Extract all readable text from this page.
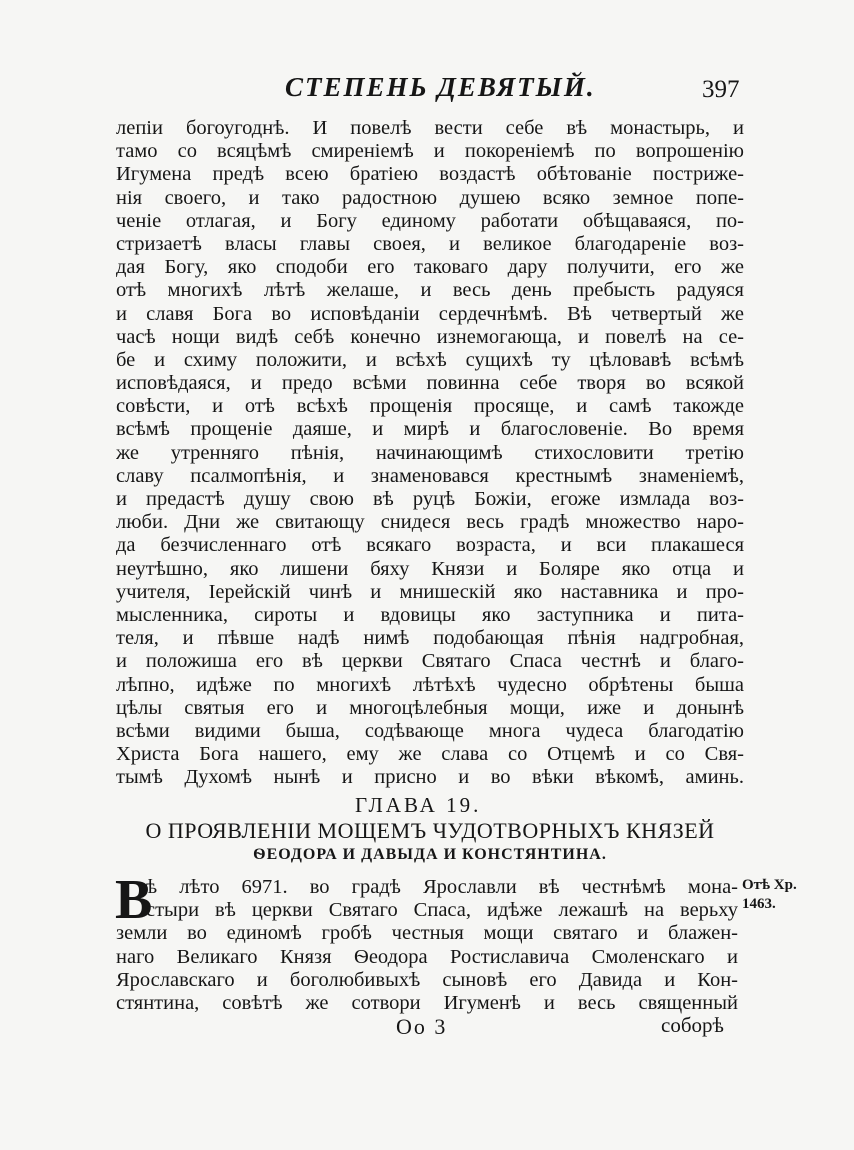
СТЕПЕНЬ ДЕВЯТЫЙ.	397
лепіи богоугоднѣ. И повелѣ вести себе вѣ монастырь, и
тамо со всяцѣмѣ смиреніемѣ и покореніемѣ по вопрошенію
Игумена предѣ всею братіею воздастѣ обѣтованіе постриже-
нія своего, и тако радостною душею всяко земное попе-
ченіе отлагая, и Богу единому работати обѣщаваяся, по-
стризаетѣ власы главы своея, и великое благодареніе воз-
дая Богу, яко сподоби его таковаго дару получити, его же
отѣ многихѣ лѣтѣ желаше, и весь день пребысть радуяся
и славя Бога во исповѣданіи сердечнѣмѣ. Вѣ четвертый же
часѣ нощи видѣ себѣ конечно изнемогающа, и повелѣ на се-
бе и схиму положити, и всѣхѣ сущихѣ ту цѣловавѣ всѣмѣ
исповѣдаяся, и предо всѣми повинна себе творя во всякой
совѣсти, и отѣ всѣхѣ прощенія просяще, и самѣ такожде
всѣмѣ прощеніе даяше, и мирѣ и благословеніе. Во время
же утренняго пѣнія, начинающимѣ стихословити третію
славу псалмопѣнія, и знаменовався крестнымѣ знаменіемѣ,
и предастѣ душу свою вѣ руцѣ Божіи, егоже измлада воз-
люби. Дни же свитающу снидеся весь градѣ множество наро-
да безчисленнаго отѣ всякаго возраста, и вси плакашеся
неутѣшно, яко лишени бяху Князи и Боляре яко отца и
учителя, Іерейскій чинѣ и мнишескій яко наставника и про-
мысленника, сироты и вдовицы яко заступника и пита-
теля, и пѣвше надѣ нимѣ подобающая пѣнія надгробная,
и положиша его вѣ церкви Святаго Спаса честнѣ и благо-
лѣпно, идѣже по многихѣ лѣтѣхѣ чудесно обрѣтены быша
цѣлы святыя его и многоцѣлебныя мощи, иже и донынѣ
всѣми видими быша, содѣвающе многа чудеса благодатію
Христа Бога нашего, ему же слава со Отцемѣ и со Свя-
тымѣ Духомѣ нынѣ и присно и во вѣки вѣкомѣ, аминь.
ГЛАВА 19.
О ПРОЯВЛЕНІИ МОЩЕМЪ ЧУДОТВОРНЫХЪ КНЯЗЕЙ
ѲЕОДОРА И ДАВЫДА И КОНСТЯНТИНА.
В
ѣ лѣто 6971. во градѣ Ярославли вѣ честнѣмѣ мона-
стыри вѣ церкви Святаго Спаса, идѣже лежашѣ на верьху
земли во единомѣ гробѣ честныя мощи святаго и блажен-
наго Великаго Князя Ѳеодора Ростиславича Смоленскаго и
Ярославскаго и боголюбивыхѣ сыновѣ его Давида и Кон-
стянтина, совѣтѣ же сотвори Игуменѣ и весь священный
Отѣ Хр.
1463.
Оо 3	соборѣ
